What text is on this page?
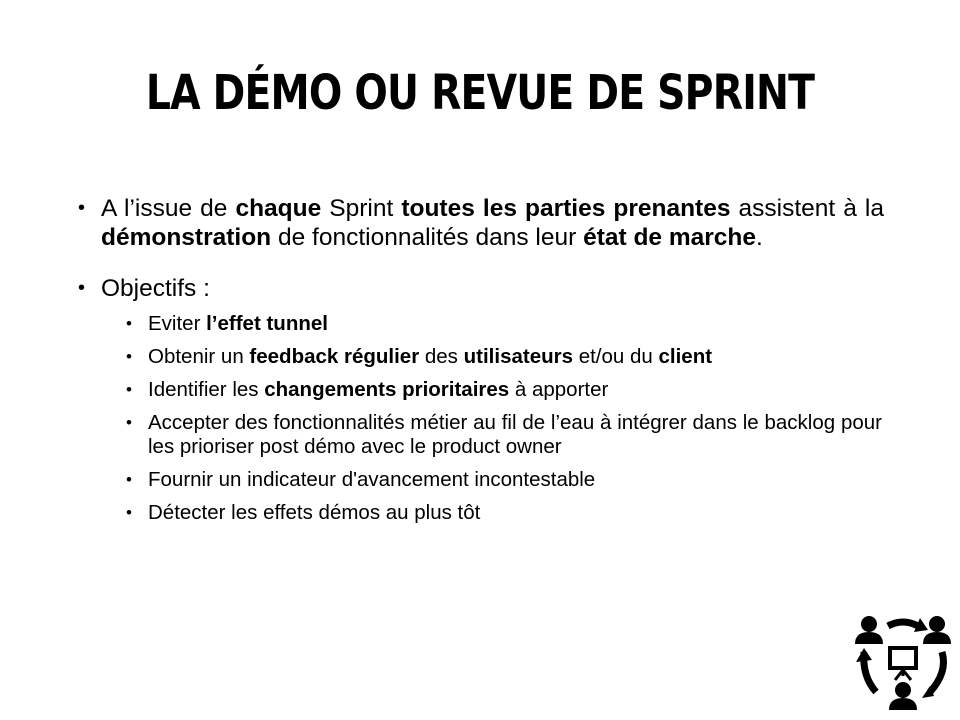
LA DÉMO OU REVUE DE SPRINT
• A l’issue de chaque Sprint toutes les parties prenantes assistent à la démonstration de fonctionnalités dans leur état de marche.
• Objectifs :
• Eviter l’effet tunnel
• Obtenir un feedback régulier des utilisateurs et/ou du client
• Identifier les changements prioritaires à apporter
• Accepter des fonctionnalités métier au fil de l’eau à intégrer dans le backlog pour les prioriser post démo avec le product owner
• Fournir un indicateur d'avancement incontestable
• Détecter les effets démos au plus tôt
